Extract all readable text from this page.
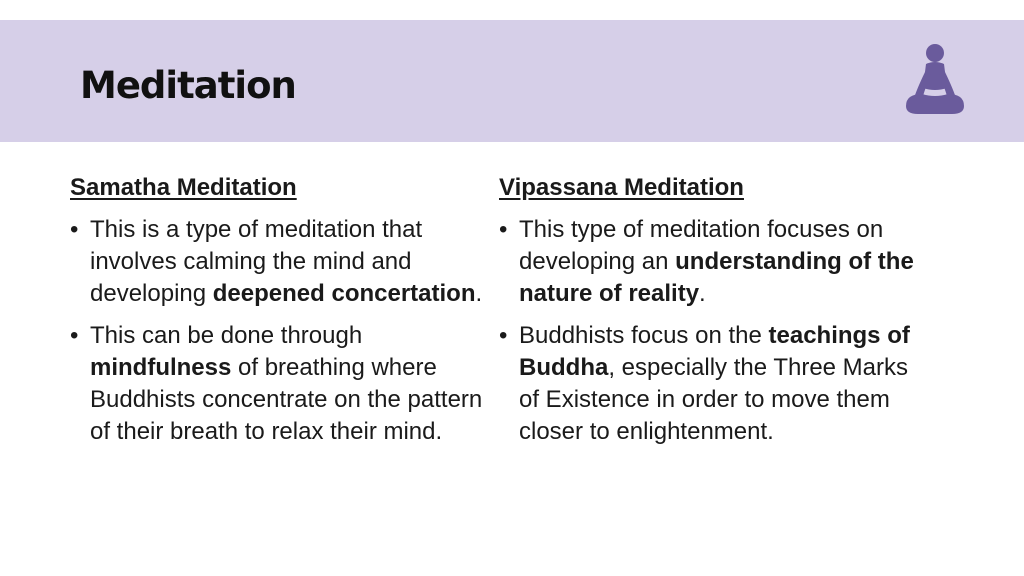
Meditation
Samatha Meditation
• This is a type of meditation that involves calming the mind and developing deepened concertation.
• This can be done through mindfulness of breathing where Buddhists concentrate on the pattern of their breath to relax their mind.
Vipassana Meditation
• This type of meditation focuses on developing an understanding of the nature of reality.
• Buddhists focus on the teachings of Buddha, especially the Three Marks of Existence in order to move them closer to enlightenment.
